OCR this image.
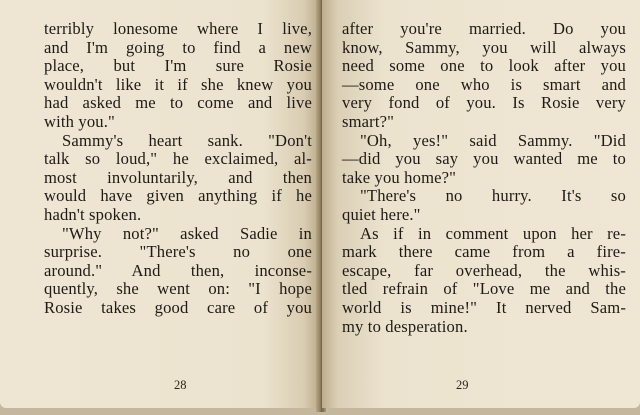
terribly lonesome where I live,
and I'm going to find a new
place, but I'm sure Rosie
wouldn't like it if she knew you
had asked me to come and live
with you."
Sammy's heart sank. "Don't
talk so loud," he exclaimed, al-
most involuntarily, and then
would have given anything if he
hadn't spoken.
"Why not?" asked Sadie in
surprise. "There's no one
around." And then, inconse-
quently, she went on: "I hope
Rosie takes good care of you
28
after you're married. Do you
know, Sammy, you will always
need some one to look after you
—some one who is smart and
very fond of you. Is Rosie very
smart?"
"Oh, yes!" said Sammy. "Did
—did you say you wanted me to
take you home?"
"There's no hurry. It's so
quiet here."
As if in comment upon her re-
mark there came from a fire-
escape, far overhead, the whis-
tled refrain of "Love me and the
world is mine!" It nerved Sam-
my to desperation.
29
